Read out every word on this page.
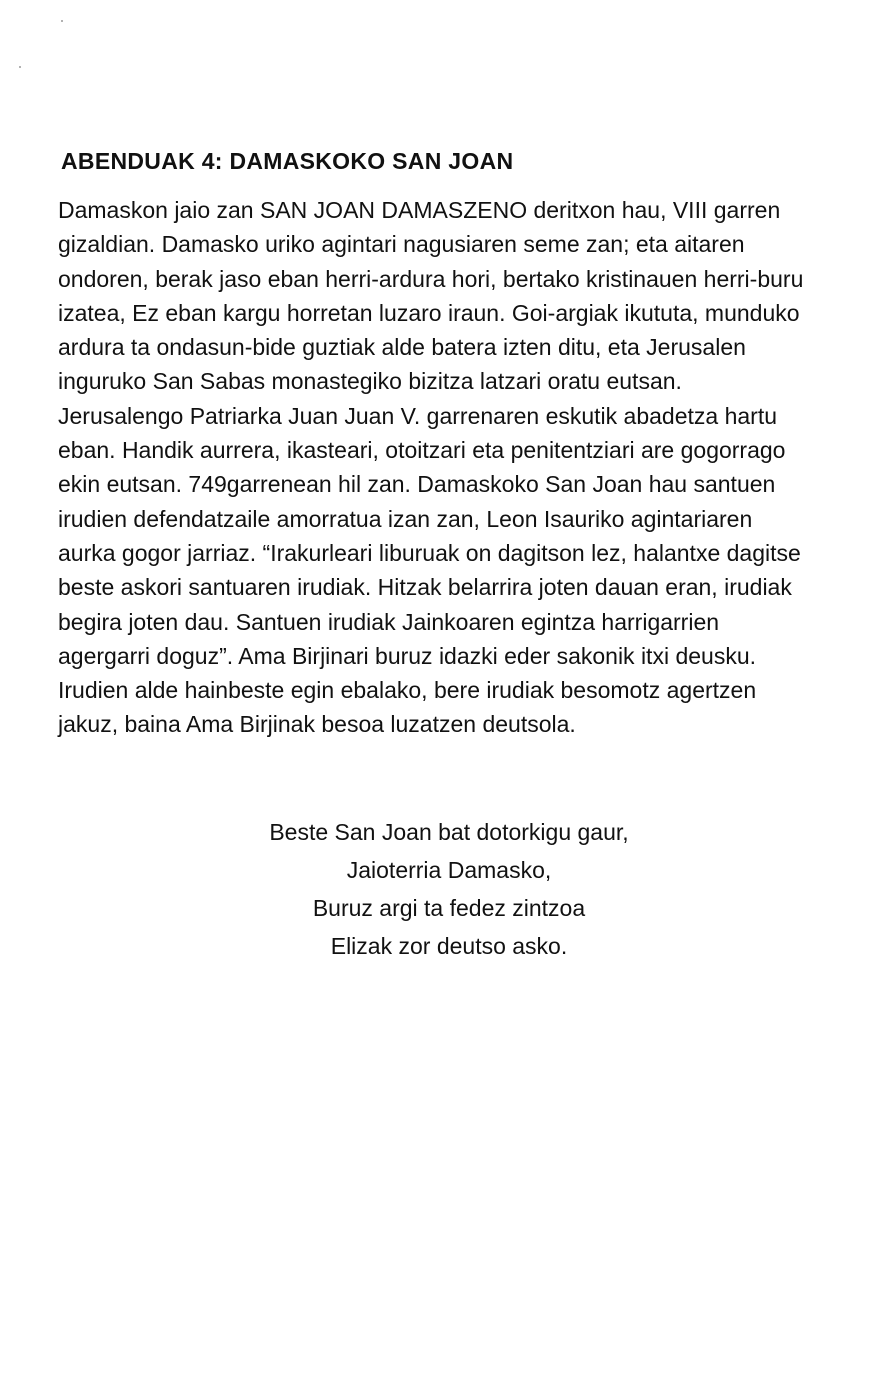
ABENDUAK 4: DAMASKOKO SAN JOAN
Damaskon jaio zan SAN JOAN DAMASZENO deritxon hau, VIII garren
gizaldian. Damasko uriko agintari nagusiaren seme zan; eta aitaren
ondoren, berak jaso eban herri-ardura hori, bertako kristinauen herri-buru
izatea, Ez eban kargu horretan luzaro iraun. Goi-argiak ikututa, munduko
ardura ta ondasun-bide guztiak alde batera izten ditu, eta Jerusalen
inguruko San Sabas monastegiko bizitza latzari oratu eutsan.
Jerusalengo Patriarka Juan Juan V. garrenaren eskutik abadetza hartu
eban. Handik aurrera, ikasteari, otoitzari eta penitentziari are gogorrago
ekin eutsan. 749garrenean hil zan. Damaskoko San Joan hau santuen
irudien defendatzaile amorratua izan zan, Leon Isauriko agintariaren
aurka gogor jarriaz. “Irakurleari liburuak on dagitson lez, halantxe dagitse
beste askori santuaren irudiak. Hitzak belarrira joten dauan eran, irudiak
begira joten dau. Santuen irudiak Jainkoaren egintza harrigarrien
agergarri doguz”. Ama Birjinari buruz idazki eder sakonik itxi deusku.
Irudien alde hainbeste egin ebalako, bere irudiak besomotz agertzen
jakuz, baina Ama Birjinak besoa luzatzen deutsola.
Beste San Joan bat dotorkigu gaur,
Jaioterria Damasko,
Buruz argi ta fedez zintzoa
Elizak zor deutso asko.
